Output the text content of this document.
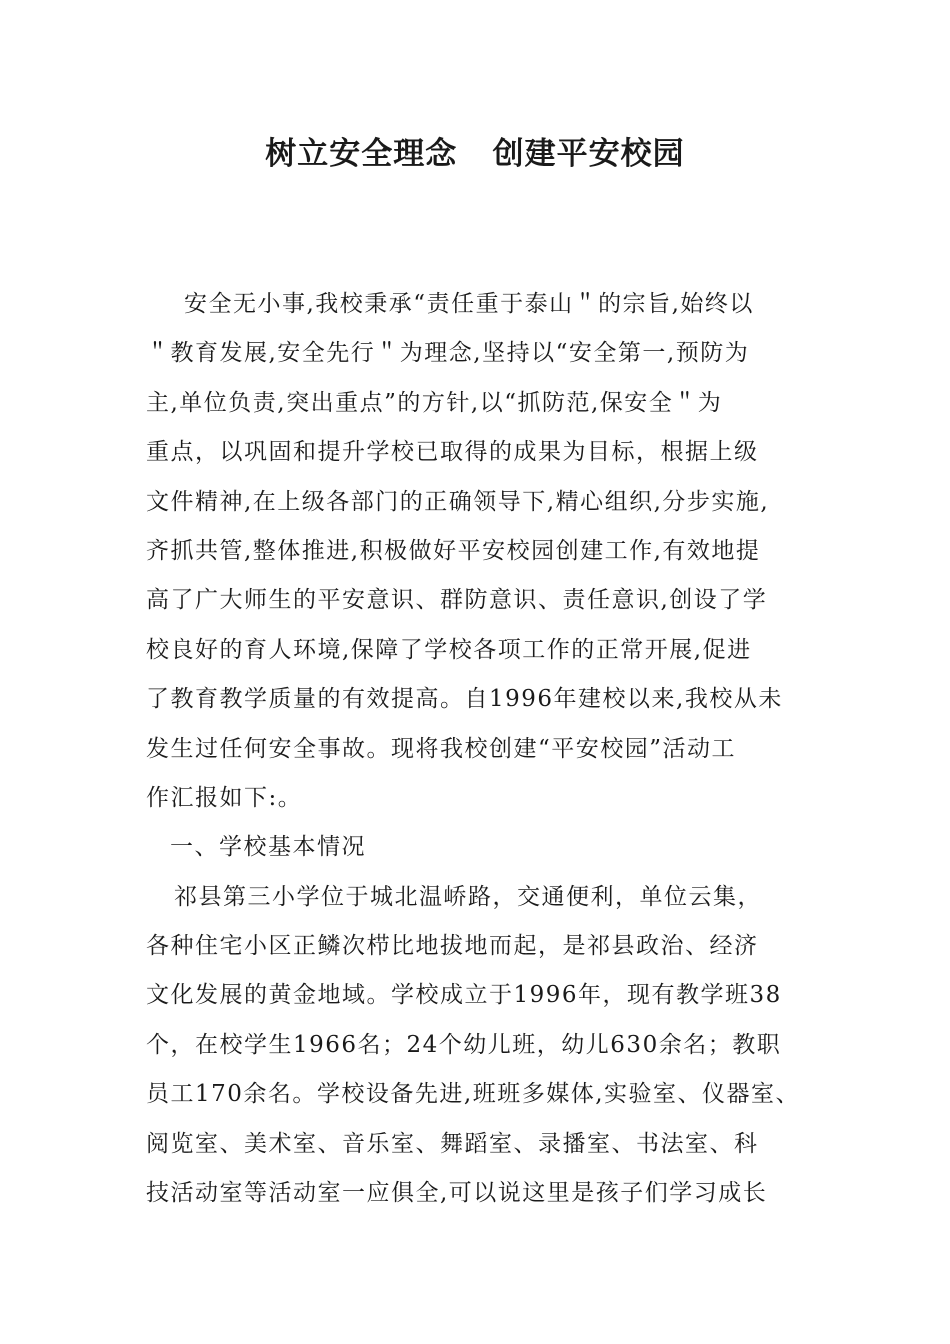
树立安全理念   创建平安校园
安全无小事,我校秉承“责任重于泰山＂的宗旨,始终以
＂教育发展,安全先行＂为理念,坚持以“安全第一,预防为
主,单位负责,突出重点”的方针,以“抓防范,保安全＂为
重点，以巩固和提升学校已取得的成果为目标，根据上级
文件精神,在上级各部门的正确领导下,精心组织,分步实施,
齐抓共管,整体推进,积极做好平安校园创建工作,有效地提
高了广大师生的平安意识、群防意识、责任意识,创设了学
校良好的育人环境,保障了学校各项工作的正常开展,促进
了教育教学质量的有效提高。自1996年建校以来,我校从未
发生过任何安全事故。现将我校创建“平安校园”活动工
作汇报如下:。
一、学校基本情况
祁县第三小学位于城北温峤路，交通便利，单位云集，
各种住宅小区正鳞次栉比地拔地而起，是祁县政治、经济
文化发展的黄金地域。学校成立于1996年，现有教学班38
个，在校学生1966名；24个幼儿班，幼儿630余名；教职
员工170余名。学校设备先进,班班多媒体,实验室、仪器室、
阅览室、美术室、音乐室、舞蹈室、录播室、书法室、科
技活动室等活动室一应俱全,可以说这里是孩子们学习成长
